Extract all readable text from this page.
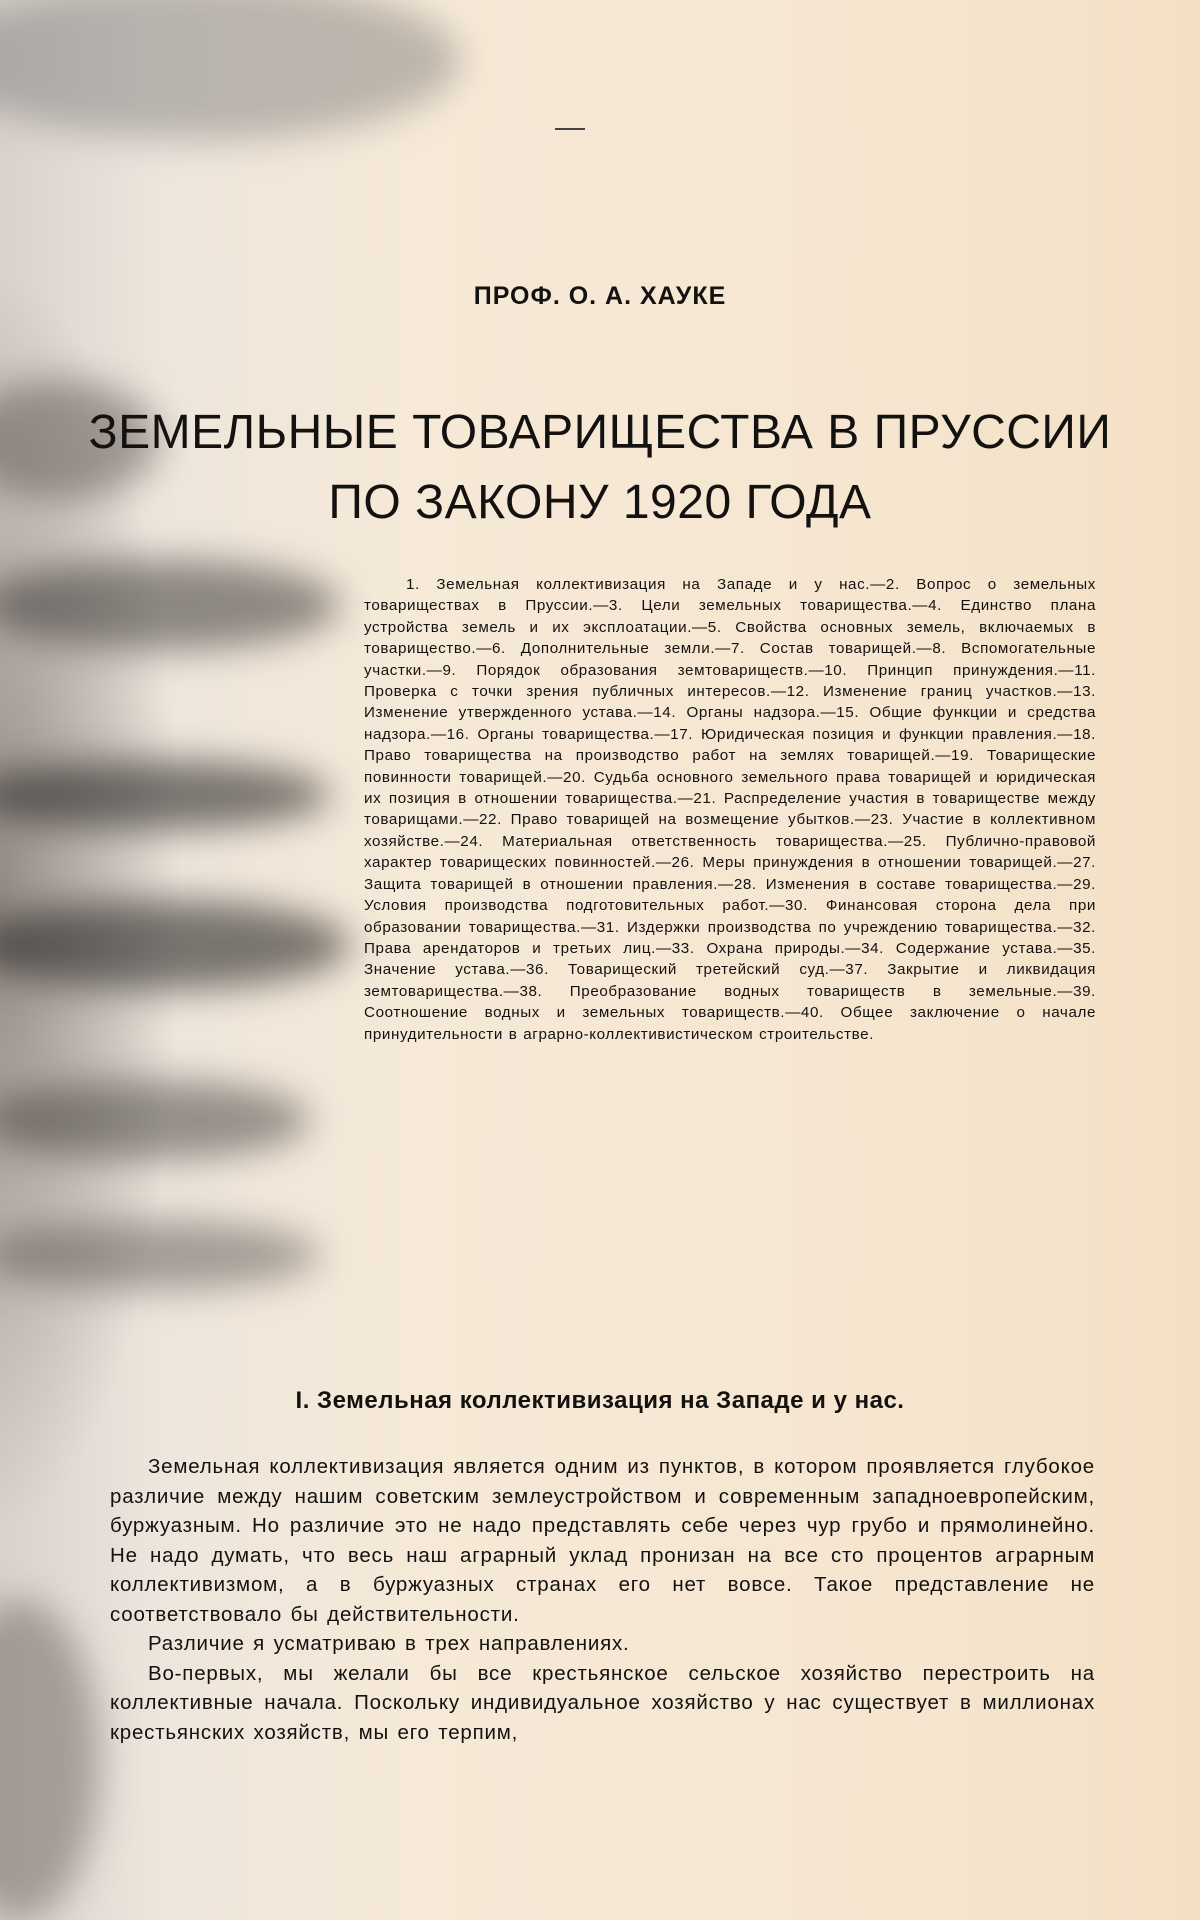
ПРОФ. О. А. ХАУКЕ
ЗЕМЕЛЬНЫЕ ТОВАРИЩЕСТВА В ПРУССИИ
ПО ЗАКОНУ 1920 ГОДА
1. Земельная коллективизация на Западе и у нас.—2. Вопрос о земельных товариществах в Пруссии.—3. Цели земельных товарищества.—4. Единство плана устройства земель и их эксплоатации.—5. Свойства основных земель, включаемых в товарищество.—6. Дополнительные земли.—7. Состав товарищей.—8. Вспомогательные участки.—9. Порядок образования земтовариществ.—10. Принцип принуждения.—11. Проверка с точки зрения публичных интересов.—12. Изменение границ участков.—13. Изменение утвержденного устава.—14. Органы надзора.—15. Общие функции и средства надзора.—16. Органы товарищества.—17. Юридическая позиция и функции правления.—18. Право товарищества на производство работ на землях товарищей.—19. Товарищеские повинности товарищей.—20. Судьба основного земельного права товарищей и юридическая их позиция в отношении товарищества.—21. Распределение участия в товариществе между товарищами.—22. Право товарищей на возмещение убытков.—23. Участие в коллективном хозяйстве.—24. Материальная ответственность товарищества.—25. Публично-правовой характер товарищеских повинностей.—26. Меры принуждения в отношении товарищей.—27. Защита товарищей в отношении правления.—28. Изменения в составе товарищества.—29. Условия производства подготовительных работ.—30. Финансовая сторона дела при образовании товарищества.—31. Издержки производства по учреждению товарищества.—32. Права арендаторов и третьих лиц.—33. Охрана природы.—34. Содержание устава.—35. Значение устава.—36. Товарищеский третейский суд.—37. Закрытие и ликвидация земтоварищества.—38. Преобразование водных товариществ в земельные.—39. Соотношение водных и земельных товариществ.—40. Общее заключение о начале принудительности в аграрно-коллективистическом строительстве.
I. Земельная коллективизация на Западе и у нас.

Земельная коллективизация является одним из пунктов, в котором проявляется глубокое различие между нашим советским землеустройством и современным западноевропейским, буржуазным. Но различие это не надо представлять себе через чур грубо и прямолинейно. Не надо думать, что весь наш аграрный уклад пронизан на все сто процентов аграрным коллективизмом, а в буржуазных странах его нет вовсе. Такое представление не соответствовало бы действительности.

Различие я усматриваю в трех направлениях.

Во-первых, мы желали бы все крестьянское сельское хозяйство перестроить на коллективные начала. Поскольку индивидуальное хозяйство у нас существует в миллионах крестьянских хозяйств, мы его терпим,
